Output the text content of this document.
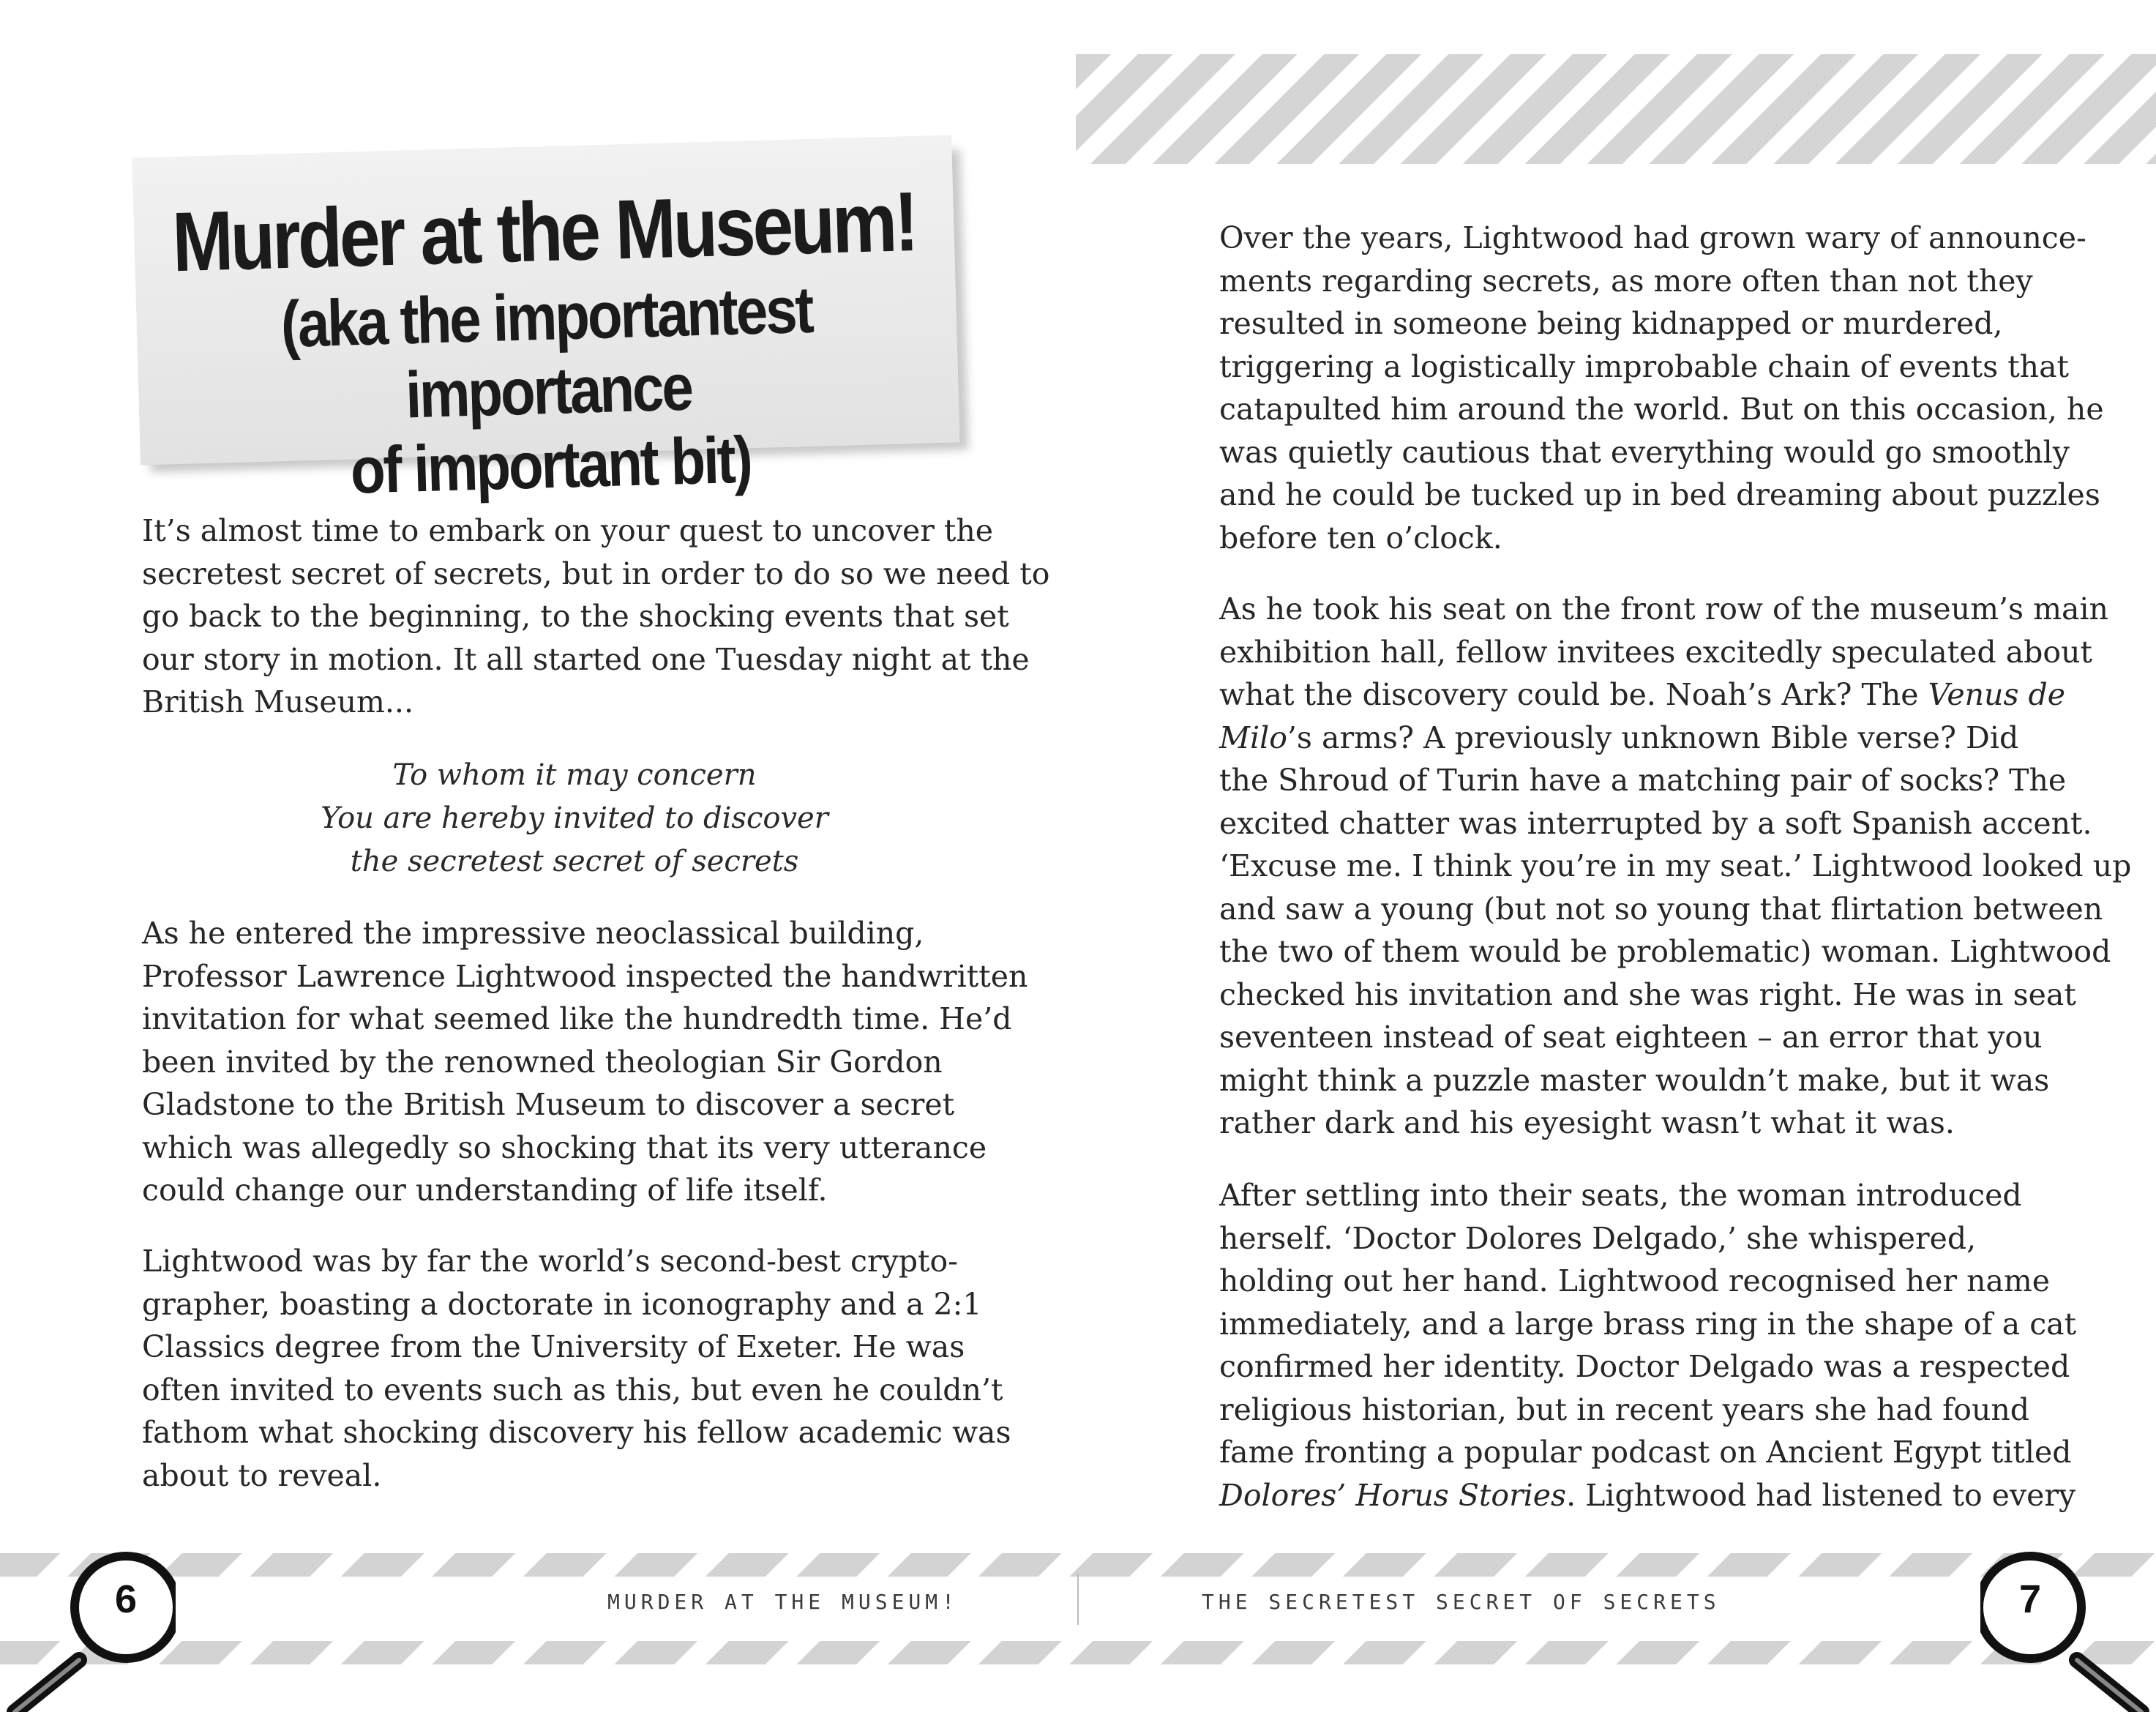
Murder at the Museum!
(aka the importantest importance
of important bit)
It’s almost time to embark on your quest to uncover the
secretest secret of secrets, but in order to do so we need to
go back to the beginning, to the shocking events that set
our story in motion. It all started one Tuesday night at the
British Museum...
To whom it may concern
You are hereby invited to discover
the secretest secret of secrets
As he entered the impressive neoclassical building,
Professor Lawrence Lightwood inspected the handwritten
invitation for what seemed like the hundredth time. He’d
been invited by the renowned theologian Sir Gordon
Gladstone to the British Museum to discover a secret
which was allegedly so shocking that its very utterance
could change our understanding of life itself.
Lightwood was by far the world’s second-best crypto-
grapher, boasting a doctorate in iconography and a 2:1
Classics degree from the University of Exeter. He was
often invited to events such as this, but even he couldn’t
fathom what shocking discovery his fellow academic was
about to reveal.
Over the years, Lightwood had grown wary of announce-
ments regarding secrets, as more often than not they
resulted in someone being kidnapped or murdered,
triggering a logistically improbable chain of events that
catapulted him around the world. But on this occasion, he
was quietly cautious that everything would go smoothly
and he could be tucked up in bed dreaming about puzzles
before ten o’clock.
As he took his seat on the front row of the museum’s main
exhibition hall, fellow invitees excitedly speculated about
what the discovery could be. Noah’s Ark? The Venus de
Milo’s arms? A previously unknown Bible verse? Did
the Shroud of Turin have a matching pair of socks? The
excited chatter was interrupted by a soft Spanish accent.
‘Excuse me. I think you’re in my seat.’ Lightwood looked up
and saw a young (but not so young that flirtation between
the two of them would be problematic) woman. Lightwood
checked his invitation and she was right. He was in seat
seventeen instead of seat eighteen – an error that you
might think a puzzle master wouldn’t make, but it was
rather dark and his eyesight wasn’t what it was.
After settling into their seats, the woman introduced
herself. ‘Doctor Dolores Delgado,’ she whispered,
holding out her hand. Lightwood recognised her name
immediately, and a large brass ring in the shape of a cat
confirmed her identity. Doctor Delgado was a respected
religious historian, but in recent years she had found
fame fronting a popular podcast on Ancient Egypt titled
Dolores’ Horus Stories. Lightwood had listened to every
6	7
MURDER AT THE MUSEUM!	THE SECRETEST SECRET OF SECRETS
